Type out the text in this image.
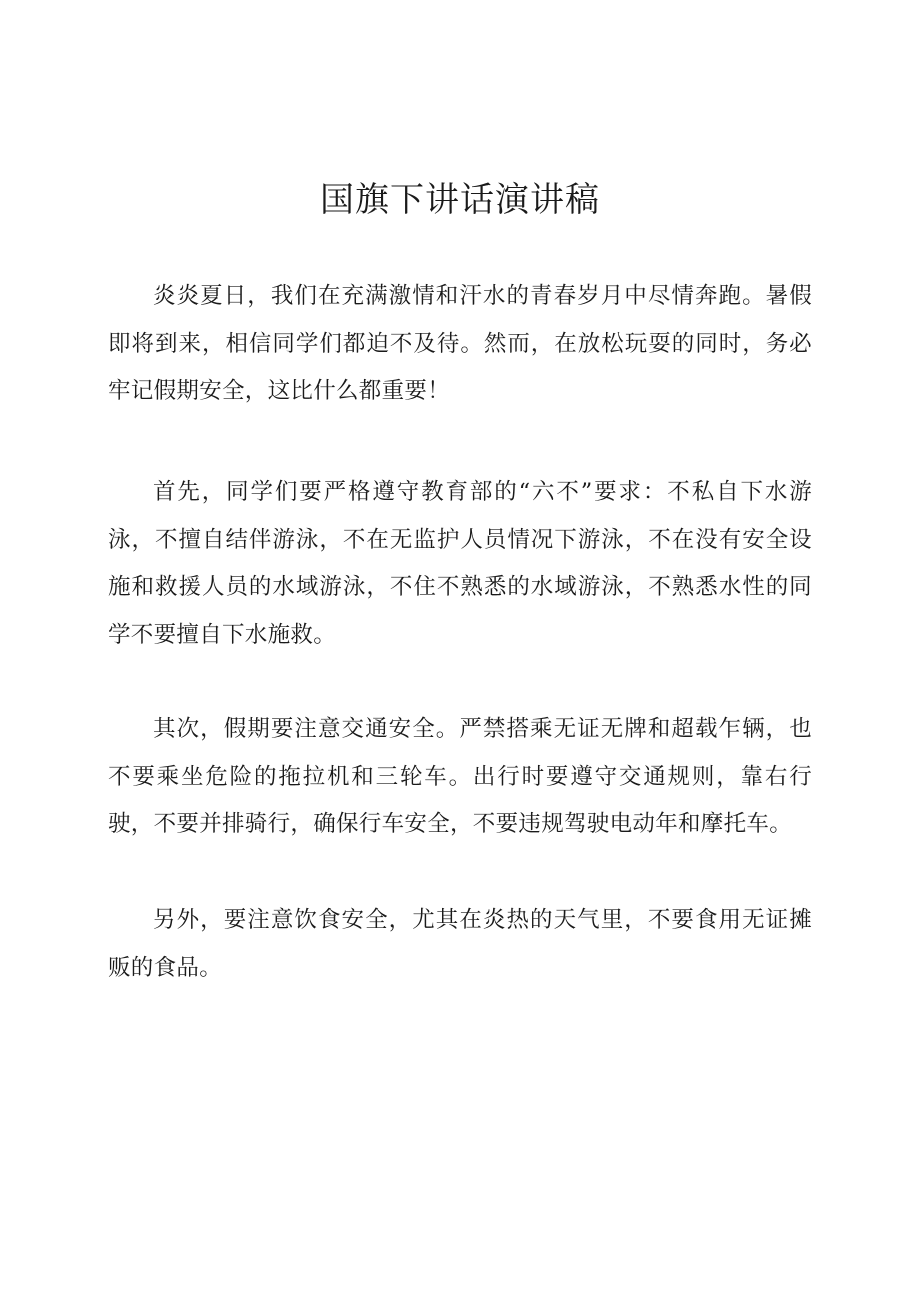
国旗下讲话演讲稿

炎炎夏日，我们在充满激情和汗水的青春岁月中尽情奔跑。暑假即将到来，相信同学们都迫不及待。然而，在放松玩耍的同时，务必牢记假期安全，这比什么都重要！

首先，同学们要严格遵守教育部的“六不”要求：不私自下水游泳，不擅自结伴游泳，不在无监护人员情况下游泳，不在没有安全设施和救援人员的水域游泳，不住不熟悉的水域游泳，不熟悉水性的同学不要擅自下水施救。

其次，假期要注意交通安全。严禁搭乘无证无牌和超载乍辆，也不要乘坐危险的拖拉机和三轮车。出行时要遵守交通规则，靠右行驶，不要并排骑行，确保行车安全，不要违规驾驶电动年和摩托车。

另外，要注意饮食安全，尤其在炎热的天气里，不要食用无证摊贩的食品。
